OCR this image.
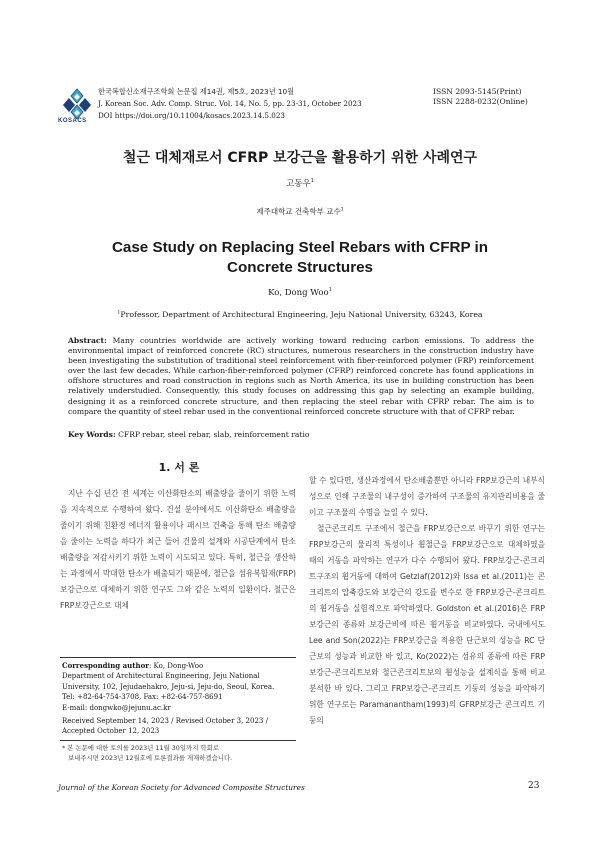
KOSACS
한국복합신소재구조학회 논문집 제14권, 제5호, 2023년 10월
J. Korean Soc. Adv. Comp. Struc. Vol. 14, No. 5, pp. 23-31, October 2023
DOI https://doi.org/10.11004/kosacs.2023.14.5.023
ISSN 2093-5145(Print)
ISSN 2288-0232(Online)
철근 대체재로서 CFRP 보강근을 활용하기 위한 사례연구
고동우$^1$
제주대학교 건축학부 교수$^1$
Case Study on Replacing Steel Rebars with CFRP in
Concrete Structures
Ko, Dong Woo$^1$
$^1$Professor, Department of Architectural Engineering, Jeju National University, 63243, Korea
Abstract: Many countries worldwide are actively working toward reducing carbon emissions. To address the environmental impact of reinforced concrete (RC) structures, numerous researchers in the construction industry have been investigating the substitution of traditional steel reinforcement with fiber-reinforced polymer (FRP) reinforcement over the last few decades. While carbon-fiber-reinforced polymer (CFRP) reinforced concrete has found applications in offshore structures and road construction in regions such as North America, its use in building construction has been relatively understudied. Consequently, this study focuses on addressing this gap by selecting an example building, designing it as a reinforced concrete structure, and then replacing the steel rebar with CFRP rebar. The aim is to compare the quantity of steel rebar used in the conventional reinforced concrete structure with that of CFRP rebar.
Key Words: CFRP rebar, steel rebar, slab, reinforcement ratio
1. 서 론

지난 수십 년간 전 세계는 이산화탄소의 배출량을 줄이기 위한 노력을 지속적으로 수행하여 왔다. 건설 분야에서도 이산화탄소 배출량을 줄이기 위해 친환경 에너지 활용이나 패시브 건축을 통해 탄소 배출량을 줄이는 노력을 하다가 최근 들어 건물의 설계와 시공단계에서 탄소 배출량을 저감시키기 위한 노력이 시도되고 있다. 특히, 철근을 생산하는 과정에서 막대한 탄소가 배출되기 때문에, 철근을 섬유복합재(FRP) 보강근으로 대체하기 위한 연구도 그와 같은 노력의 일환이다. 철근은 FRP보강근으로 대체

할 수 있다면, 생산과정에서 탄소배출뿐만 아니라 FRP보강근의 내부식성으로 인해 구조물의 내구성이 증가하여 구조물의 유지관리비용을 줄이고 구조물의 수명을 늘일 수 있다.

철근콘크리트 구조에서 철근을 FRP보강근으로 바꾸기 위한 연구는 FRP보강근의 물리적 특성이나 휨철근을 FRP보강근으로 대체하였을 때의 거동을 파악하는 연구가 다수 수행되어 왔다. FRP보강근-콘크리트구조의 휨거동에 대하여 Getzlaf(2012)와 Issa et al.(2011)는 콘크리트의 압축강도와 보강근의 강도를 변수로 한 FRP보강근-콘크리트의 휨거동을 실험적으로 파악하였다. Goldston et al.(2016)은 FRP보강근의 종류와 보강근비에 따른 휨거동을 비교하였다. 국내에서도 Lee and Son(2022)는 FRP보강근을 적용한 단근보의 성능을 RC 단근보의 성능과 비교한 바 있고, Ko(2022)는 섬유의 종류에 따른 FRP보강근-콘크리트보와 철근콘크리트보의 휨성능을 설계식을 통해 비교 분석한 바 있다. 그리고 FRP보강근-콘크리트 기둥의 성능을 파악하기 위한 연구로는 Paramanantham(1993)의 GFRP보강근 콘크리트 기둥의

Corresponding author: Ko, Dong-Woo
Department of Architectural Engineering, Jeju National
University, 102, Jejudaehakro, Jeju-si, Jeju-do, Seoul, Korea.
Tel: +82-64-754-3708, Fax: +82-64-757-8691
E-mail: dongwko@jejunu.ac.kr
Received September 14, 2023 / Revised October 3, 2023 /
Accepted October 12, 2023
* 본 논문에 대한 토의를 2023년 11월 30일까지 학회로
보내주시면 2023년 12월호에 토론결과를 게재하겠습니다.
Journal of the Korean Society for Advanced Composite Structures	23
